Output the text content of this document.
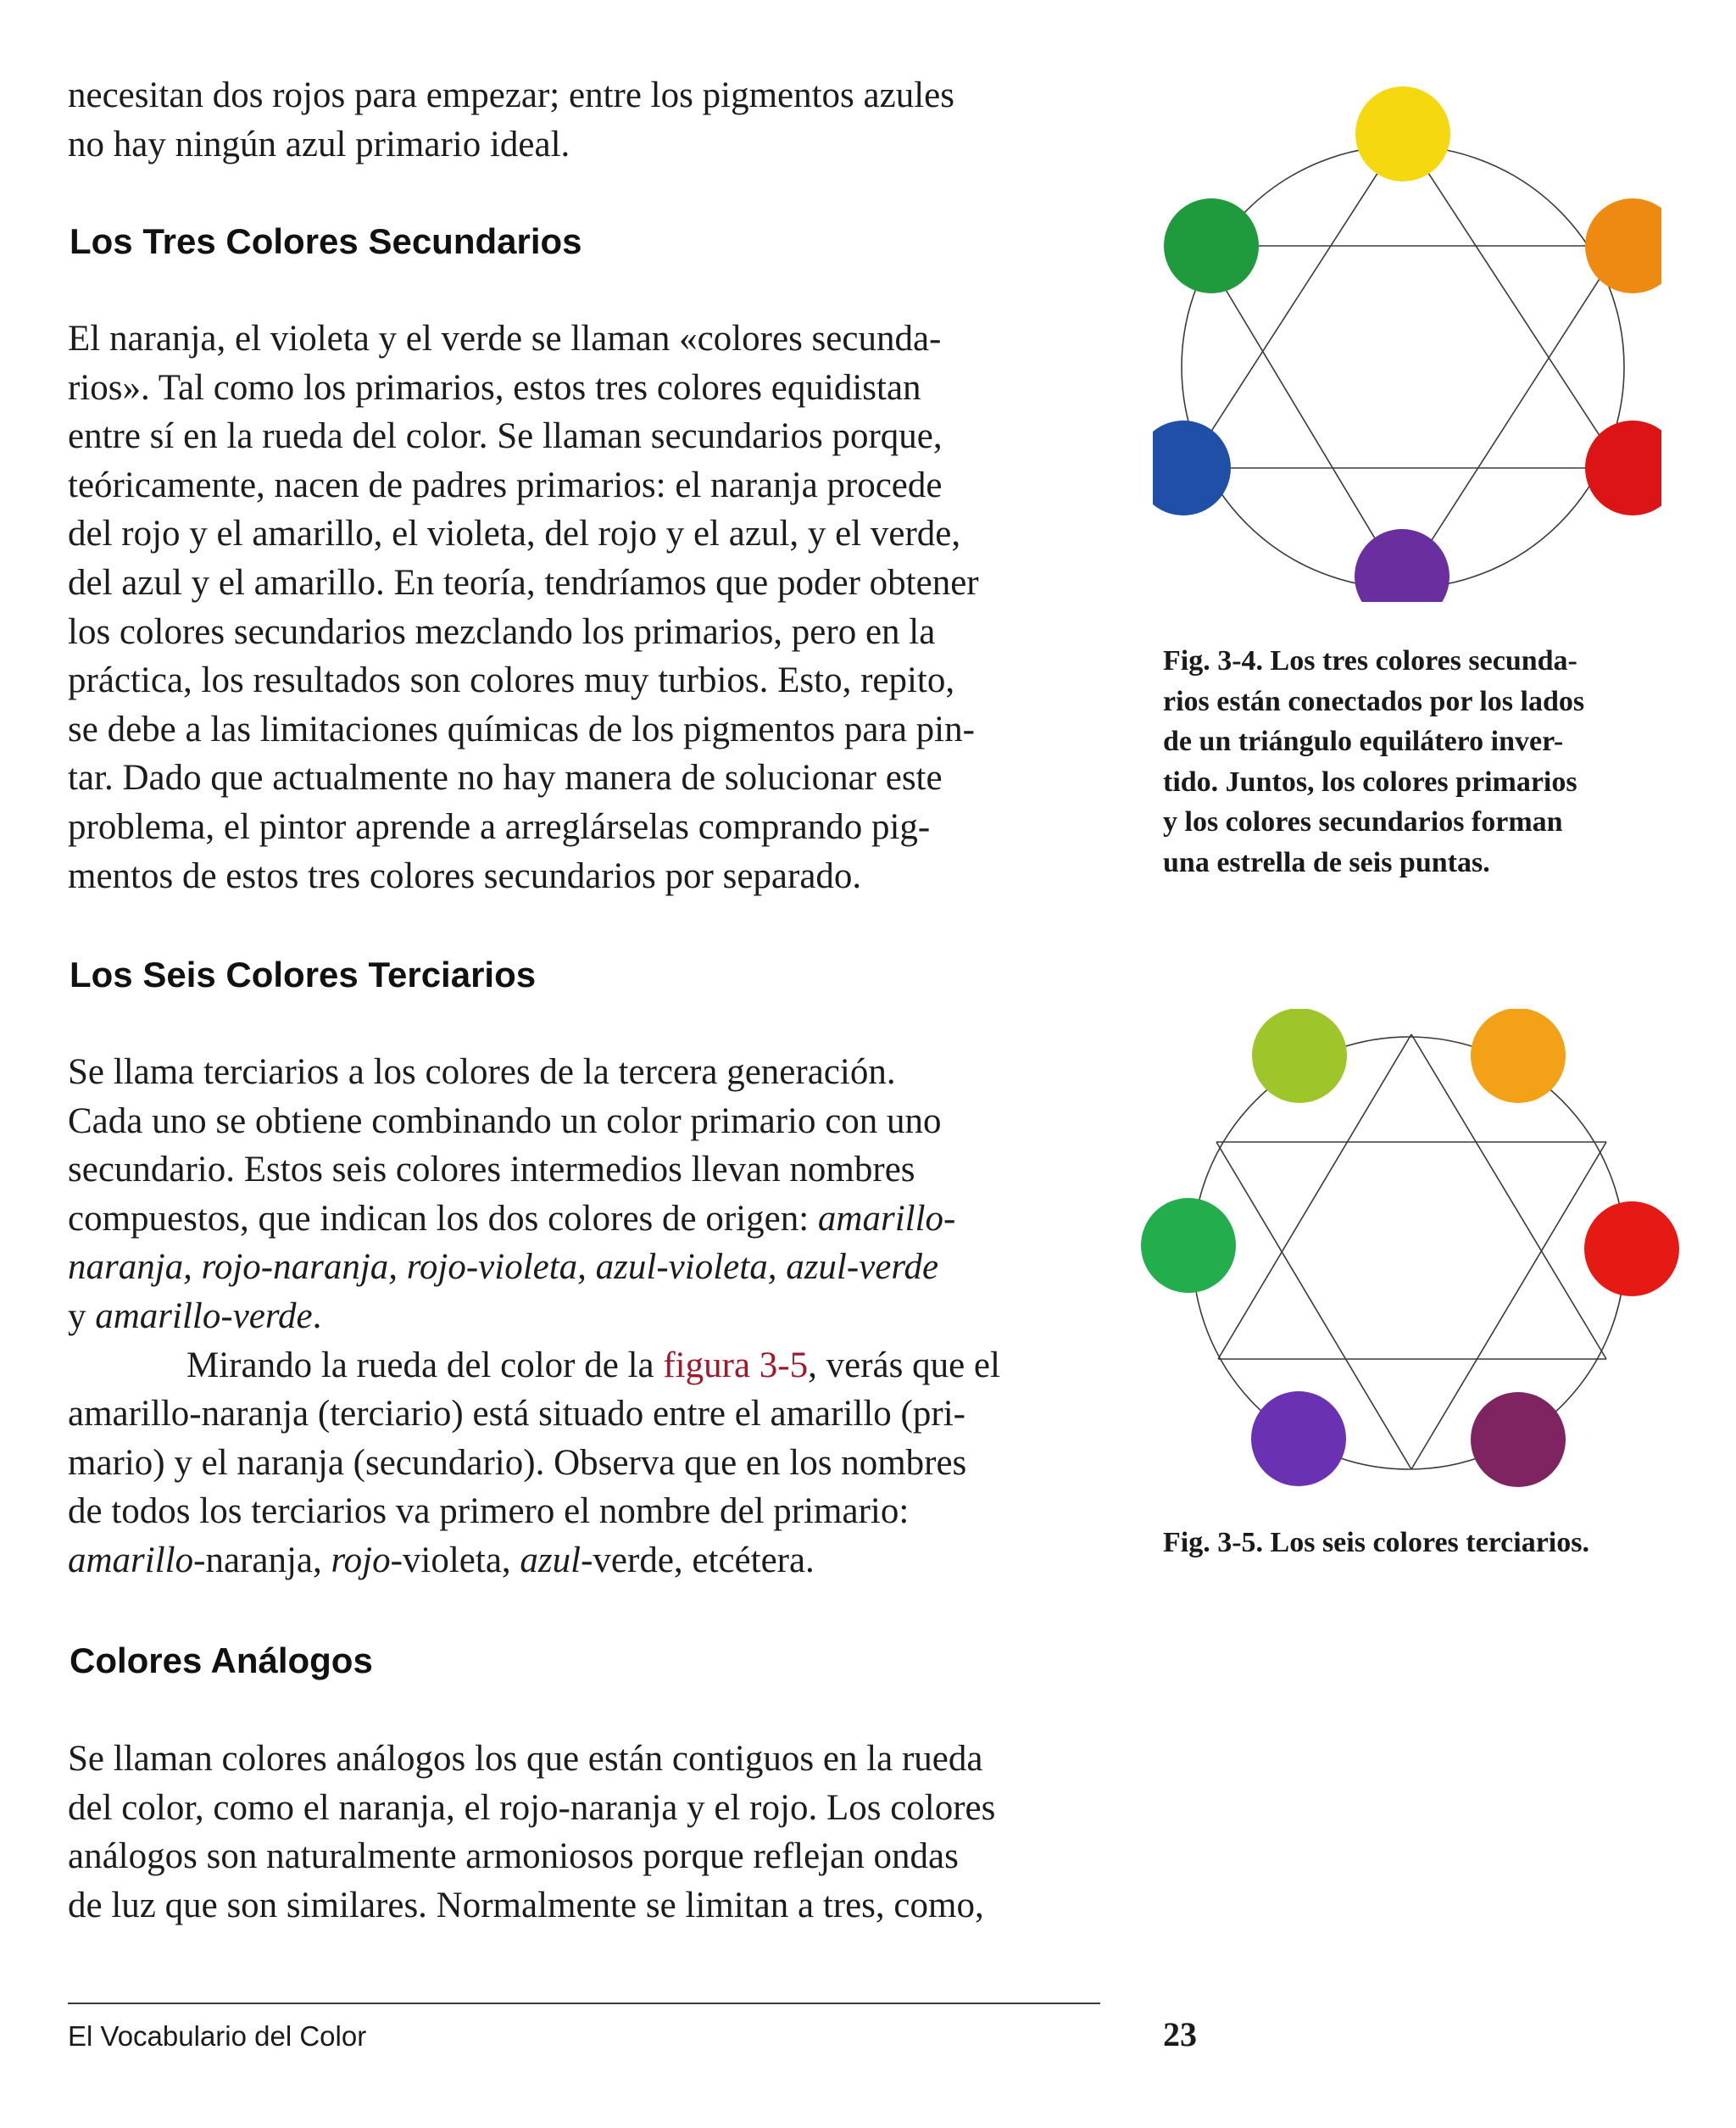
necesitan dos rojos para empezar; entre los pigmentos azules
no hay ningún azul primario ideal.
Los Tres Colores Secundarios
El naranja, el violeta y el verde se llaman «colores secunda-
rios». Tal como los primarios, estos tres colores equidistan
entre sí en la rueda del color. Se llaman secundarios porque,
teóricamente, nacen de padres primarios: el naranja procede
del rojo y el amarillo, el violeta, del rojo y el azul, y el verde,
del azul y el amarillo. En teoría, tendríamos que poder obtener
los colores secundarios mezclando los primarios, pero en la
práctica, los resultados son colores muy turbios. Esto, repito,
se debe a las limitaciones químicas de los pigmentos para pin-
tar. Dado que actualmente no hay manera de solucionar este
problema, el pintor aprende a arreglárselas comprando pig-
mentos de estos tres colores secundarios por separado.
Los Seis Colores Terciarios
Se llama terciarios a los colores de la tercera generación.
Cada uno se obtiene combinando un color primario con uno
secundario. Estos seis colores intermedios llevan nombres
compuestos, que indican los dos colores de origen: amarillo-
naranja, rojo-naranja, rojo-violeta, azul-violeta, azul-verde
y amarillo-verde.
Mirando la rueda del color de la figura 3-5, verás que el
amarillo-naranja (terciario) está situado entre el amarillo (pri-
mario) y el naranja (secundario). Observa que en los nombres
de todos los terciarios va primero el nombre del primario:
amarillo-naranja, rojo-violeta, azul-verde, etcétera.
Colores Análogos
Se llaman colores análogos los que están contiguos en la rueda
del color, como el naranja, el rojo-naranja y el rojo. Los colores
análogos son naturalmente armoniosos porque reflejan ondas
de luz que son similares. Normalmente se limitan a tres, como,
Fig. 3-4. Los tres colores secunda-
rios están conectados por los lados
de un triángulo equilátero inver-
tido. Juntos, los colores primarios
y los colores secundarios forman
una estrella de seis puntas.
Fig. 3-5. Los seis colores terciarios.
El Vocabulario del Color	23
